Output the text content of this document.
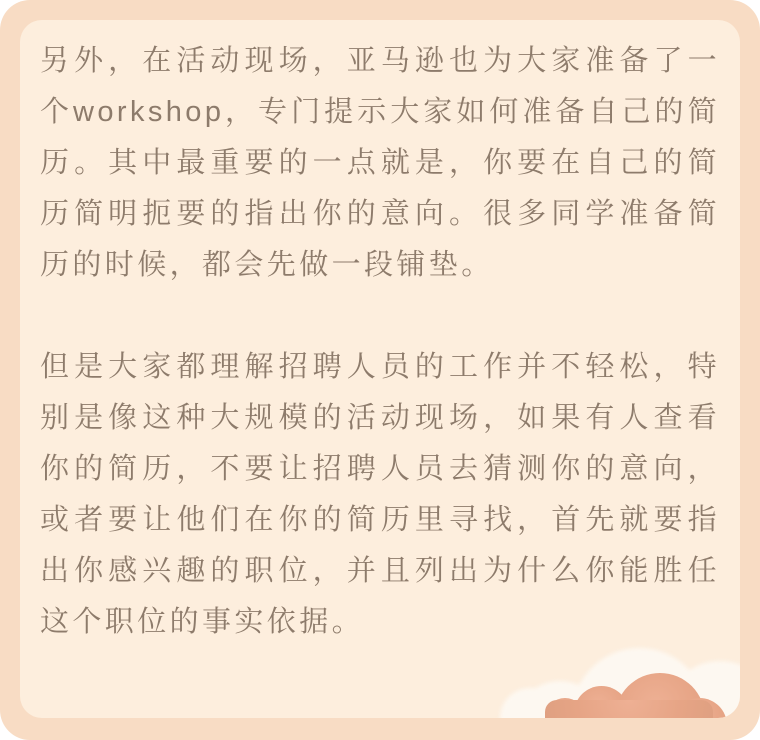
另外，在活动现场，亚马逊也为大家准备了一个workshop，专门提示大家如何准备自己的简历。其中最重要的一点就是，你要在自己的简历简明扼要的指出你的意向。很多同学准备简历的时候，都会先做一段铺垫。

但是大家都理解招聘人员的工作并不轻松，特别是像这种大规模的活动现场，如果有人查看你的简历，不要让招聘人员去猜测你的意向，或者要让他们在你的简历里寻找，首先就要指出你感兴趣的职位，并且列出为什么你能胜任这个职位的事实依据。
